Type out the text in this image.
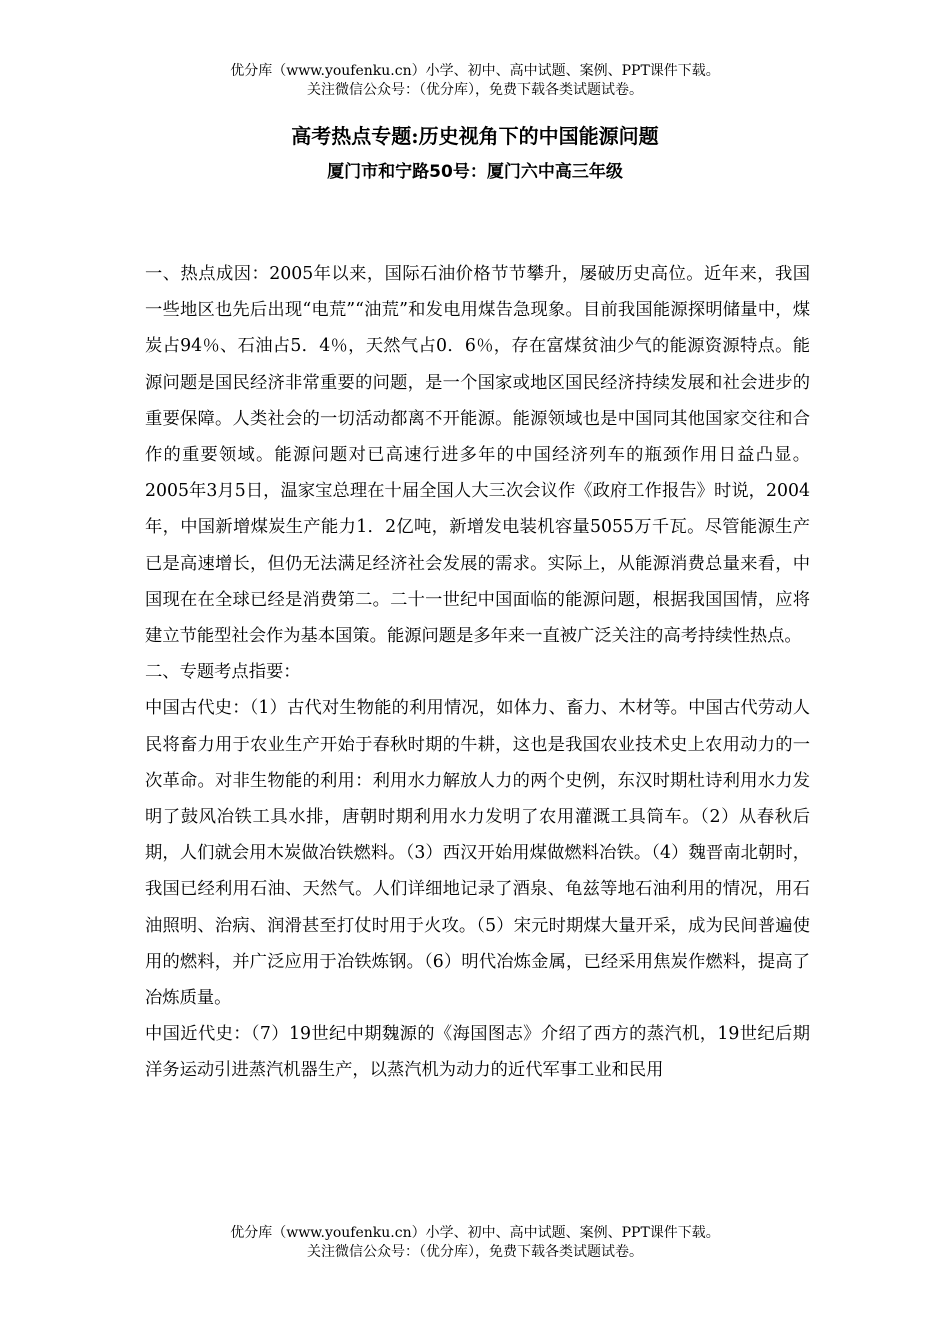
优分库（www.youfenku.cn）小学、初中、高中试题、案例、PPT课件下载。
关注微信公众号：（优分库），免费下载各类试题试卷。
高考热点专题:历史视角下的中国能源问题
厦门市和宁路50号：厦门六中高三年级

一、热点成因：2005年以来，国际石油价格节节攀升，屡破历史高位。近年来，我国一些地区也先后出现“电荒”“油荒”和发电用煤告急现象。目前我国能源探明储量中，煤炭占94％、石油占5．4％，天然气占0．6％，存在富煤贫油少气的能源资源特点。能源问题是国民经济非常重要的问题，是一个国家或地区国民经济持续发展和社会进步的重要保障。人类社会的一切活动都离不开能源。能源领域也是中国同其他国家交往和合作的重要领域。能源问题对已高速行进多年的中国经济列车的瓶颈作用日益凸显。2005年3月5日，温家宝总理在十届全国人大三次会议作《政府工作报告》时说，2004年，中国新增煤炭生产能力1．2亿吨，新增发电装机容量5055万千瓦。尽管能源生产已是高速增长，但仍无法满足经济社会发展的需求。实际上，从能源消费总量来看，中国现在在全球已经是消费第二。二十一世纪中国面临的能源问题，根据我国国情，应将建立节能型社会作为基本国策。能源问题是多年来一直被广泛关注的高考持续性热点。

二、专题考点指要：

中国古代史：（1）古代对生物能的利用情况，如体力、畜力、木材等。中国古代劳动人民将畜力用于农业生产开始于春秋时期的牛耕，这也是我国农业技术史上农用动力的一次革命。对非生物能的利用：利用水力解放人力的两个史例，东汉时期杜诗利用水力发明了鼓风冶铁工具水排，唐朝时期利用水力发明了农用灌溉工具筒车。（2）从春秋后期，人们就会用木炭做冶铁燃料。（3）西汉开始用煤做燃料冶铁。（4）魏晋南北朝时，我国已经利用石油、天然气。人们详细地记录了酒泉、龟兹等地石油利用的情况，用石油照明、治病、润滑甚至打仗时用于火攻。（5）宋元时期煤大量开采，成为民间普遍使用的燃料，并广泛应用于冶铁炼钢。（6）明代冶炼金属，已经采用焦炭作燃料，提高了冶炼质量。

中国近代史：（7）19世纪中期魏源的《海国图志》介绍了西方的蒸汽机，19世纪后期洋务运动引进蒸汽机器生产，以蒸汽机为动力的近代军事工业和民用

优分库（www.youfenku.cn）小学、初中、高中试题、案例、PPT课件下载。
关注微信公众号：（优分库），免费下载各类试题试卷。
